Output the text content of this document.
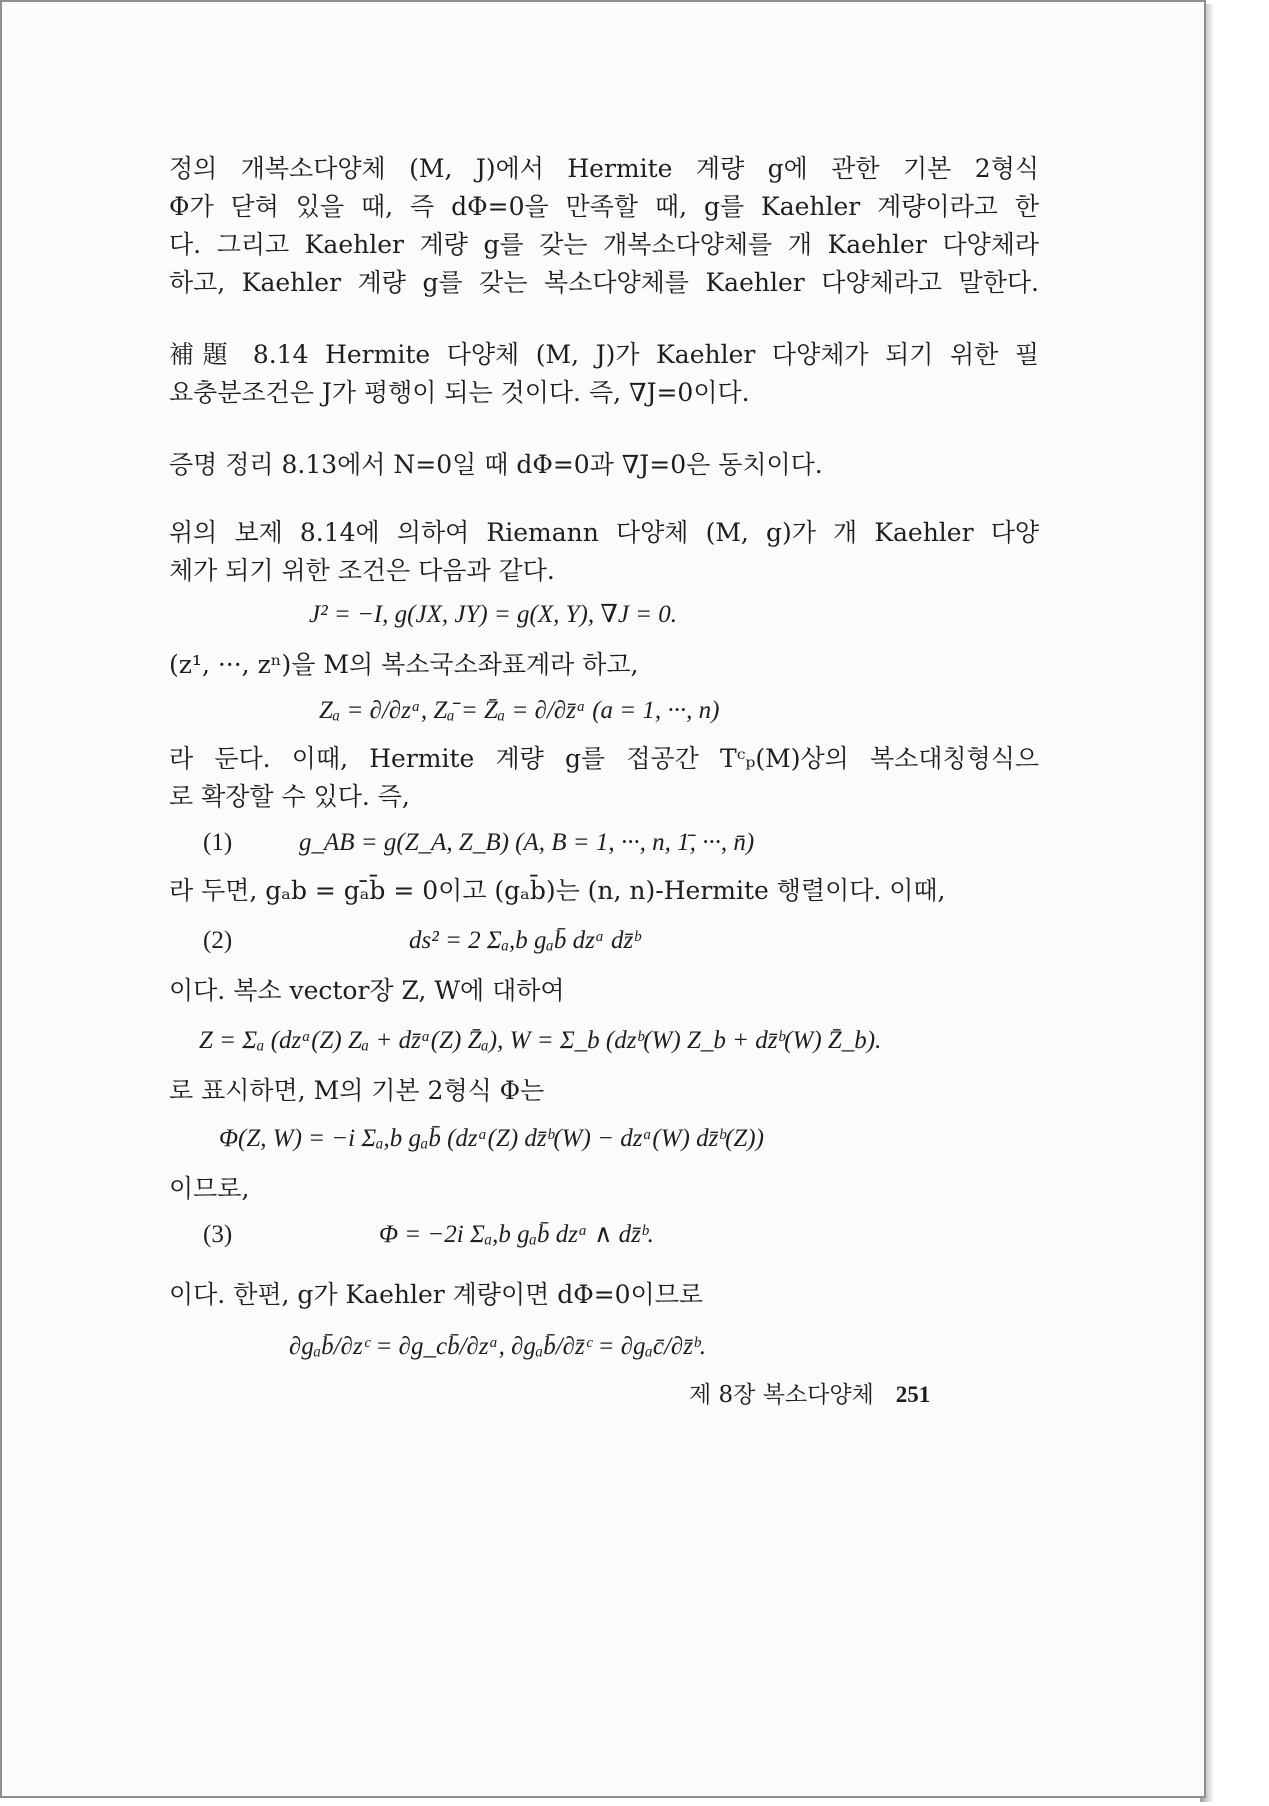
정의 개복소다양체 (M, J)에서 Hermite 계량 g에 관한 기본 2형식
Φ가 닫혀 있을 때, 즉 dΦ=0을 만족할 때, g를 Kaehler 계량이라고 한
다. 그리고 Kaehler 계량 g를 갖는 개복소다양체를 개 Kaehler 다양체라
하고, Kaehler 계량 g를 갖는 복소다양체를 Kaehler 다양체라고 말한다.
補題 8.14 Hermite 다양체 (M, J)가 Kaehler 다양체가 되기 위한 필
요충분조건은 J가 평행이 되는 것이다. 즉, ∇J=0이다.
증명 정리 8.13에서 N=0일 때 dΦ=0과 ∇J=0은 동치이다.
위의 보제 8.14에 의하여 Riemann 다양체 (M, g)가 개 Kaehler 다양
체가 되기 위한 조건은 다음과 같다.
J² = −I, g(JX, JY) = g(X, Y), ∇J = 0.
(z¹, ···, zⁿ)을 M의 복소국소좌표계라 하고,
Zₐ = ∂/∂zᵃ, Zₐ̄ = Z̄ₐ = ∂/∂z̄ᵃ (a = 1, ···, n)
라 둔다. 이때, Hermite 계량 g를 접공간 Tᶜₚ(M)상의 복소대칭형식으
로 확장할 수 있다. 즉,
(1)	g_AB = g(Z_A, Z_B) (A, B = 1, ···, n, 1̄, ···, n̄)
라 두면, gₐb = gₐ̄b̄ = 0이고 (gₐb̄)는 (n, n)-Hermite 행렬이다. 이때,
(2)	ds² = 2 Σₐ,b gₐb̄ dzᵃ dz̄ᵇ
이다. 복소 vector장 Z, W에 대하여
Z = Σₐ (dzᵃ(Z) Zₐ + dz̄ᵃ(Z) Z̄ₐ), W = Σ_b (dzᵇ(W) Z_b + dz̄ᵇ(W) Z̄_b).
로 표시하면, M의 기본 2형식 Φ는
Φ(Z, W) = −i Σₐ,b gₐb̄ (dzᵃ(Z) dz̄ᵇ(W) − dzᵃ(W) dz̄ᵇ(Z))
이므로,
(3)	Φ = −2i Σₐ,b gₐb̄ dzᵃ ∧ dz̄ᵇ.
이다. 한편, g가 Kaehler 계량이면 dΦ=0이므로
∂gₐb̄/∂zᶜ = ∂g_cb̄/∂zᵃ, ∂gₐb̄/∂z̄ᶜ = ∂gₐc̄/∂z̄ᵇ.
제 8장 복소다양체 251
